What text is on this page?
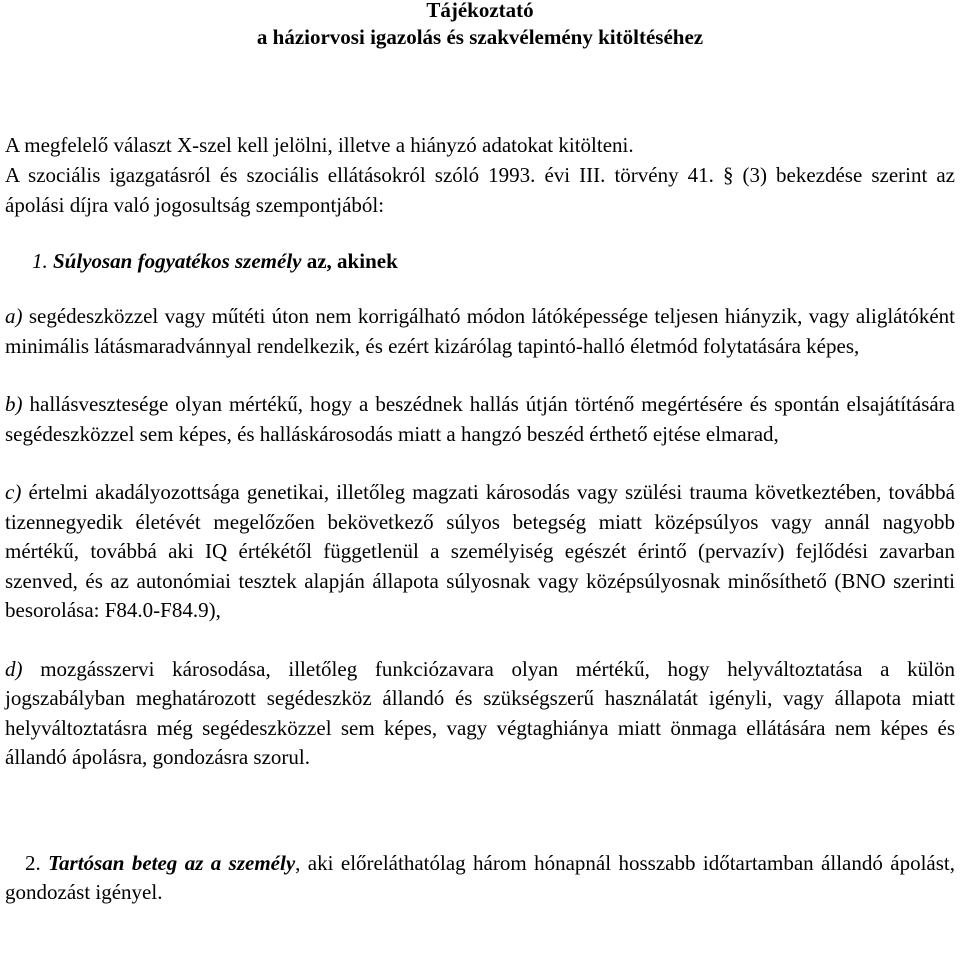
Tájékoztató
a háziorvosi igazolás és szakvélemény kitöltéséhez

A megfelelő választ X-szel kell jelölni, illetve a hiányzó adatokat kitölteni.

A szociális igazgatásról és szociális ellátásokról szóló 1993. évi III. törvény 41. § (3) bekezdése szerint az ápolási díjra való jogosultság szempontjából:

1. Súlyosan fogyatékos személy az, akinek

a) segédeszközzel vagy műtéti úton nem korrigálható módon látóképessége teljesen hiányzik, vagy aliglátóként minimális látásmaradvánnyal rendelkezik, és ezért kizárólag tapintó-halló életmód folytatására képes,

b) hallásvesztesége olyan mértékű, hogy a beszédnek hallás útján történő megértésére és spontán elsajátítására segédeszközzel sem képes, és halláskárosodás miatt a hangzó beszéd érthető ejtése elmarad,

c) értelmi akadályozottsága genetikai, illetőleg magzati károsodás vagy szülési trauma következtében, továbbá tizennegyedik életévét megelőzően bekövetkező súlyos betegség miatt középsúlyos vagy annál nagyobb mértékű, továbbá aki IQ értékétől függetlenül a személyiség egészét érintő (pervazív) fejlődési zavarban szenved, és az autonómiai tesztek alapján állapota súlyosnak vagy középsúlyosnak minősíthető (BNO szerinti besorolása: F84.0-F84.9),

d) mozgásszervi károsodása, illetőleg funkciózavara olyan mértékű, hogy helyváltoztatása a külön jogszabályban meghatározott segédeszköz állandó és szükségszerű használatát igényli, vagy állapota miatt helyváltoztatásra még segédeszközzel sem képes, vagy végtaghiánya miatt önmaga ellátására nem képes és állandó ápolásra, gondozásra szorul.

2. Tartósan beteg az a személy, aki előreláthatólag három hónapnál hosszabb időtartamban állandó ápolást, gondozást igényel.
